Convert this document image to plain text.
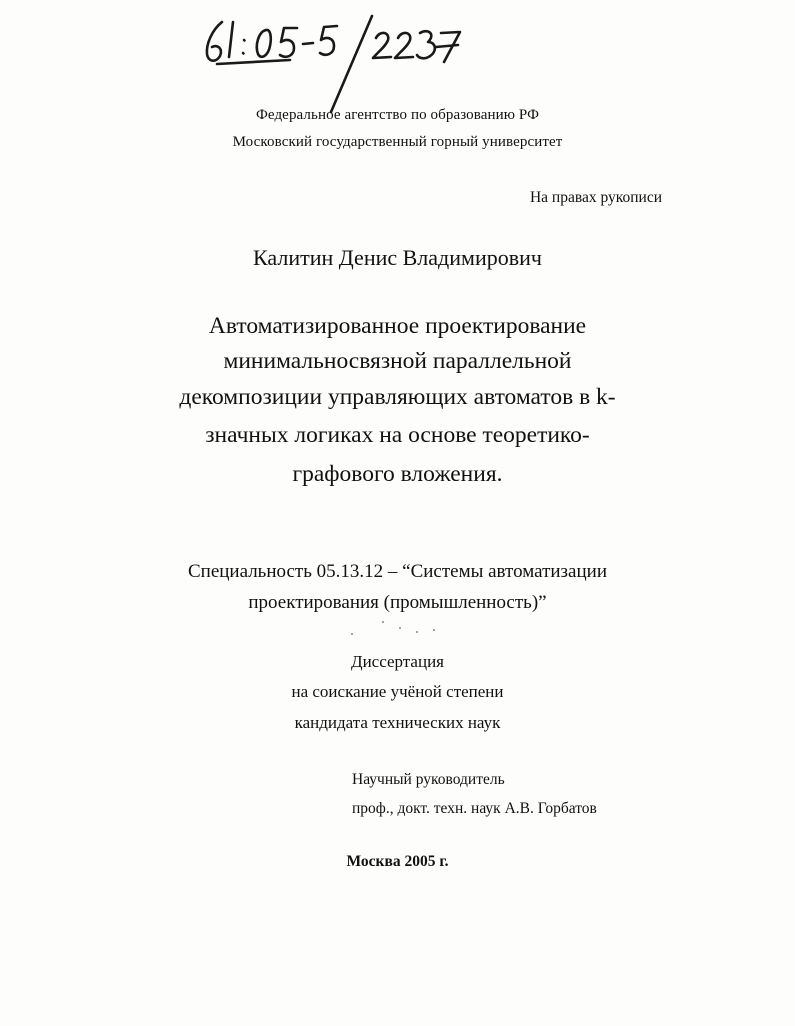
Федеральное агентство по образованию РФ
Московский государственный горный университет
На правах рукописи
Калитин Денис Владимирович
Автоматизированное проектирование
минимальносвязной параллельной
декомпозиции управляющих автоматов в k-
значных логиках на основе теоретико-
графового вложения.
Специальность 05.13.12 – “Системы автоматизации
проектирования (промышленность)”
Диссертация
на соискание учёной степени
кандидата технических наук
Научный руководитель
проф., докт. техн. наук А.В. Горбатов
Москва 2005 г.
